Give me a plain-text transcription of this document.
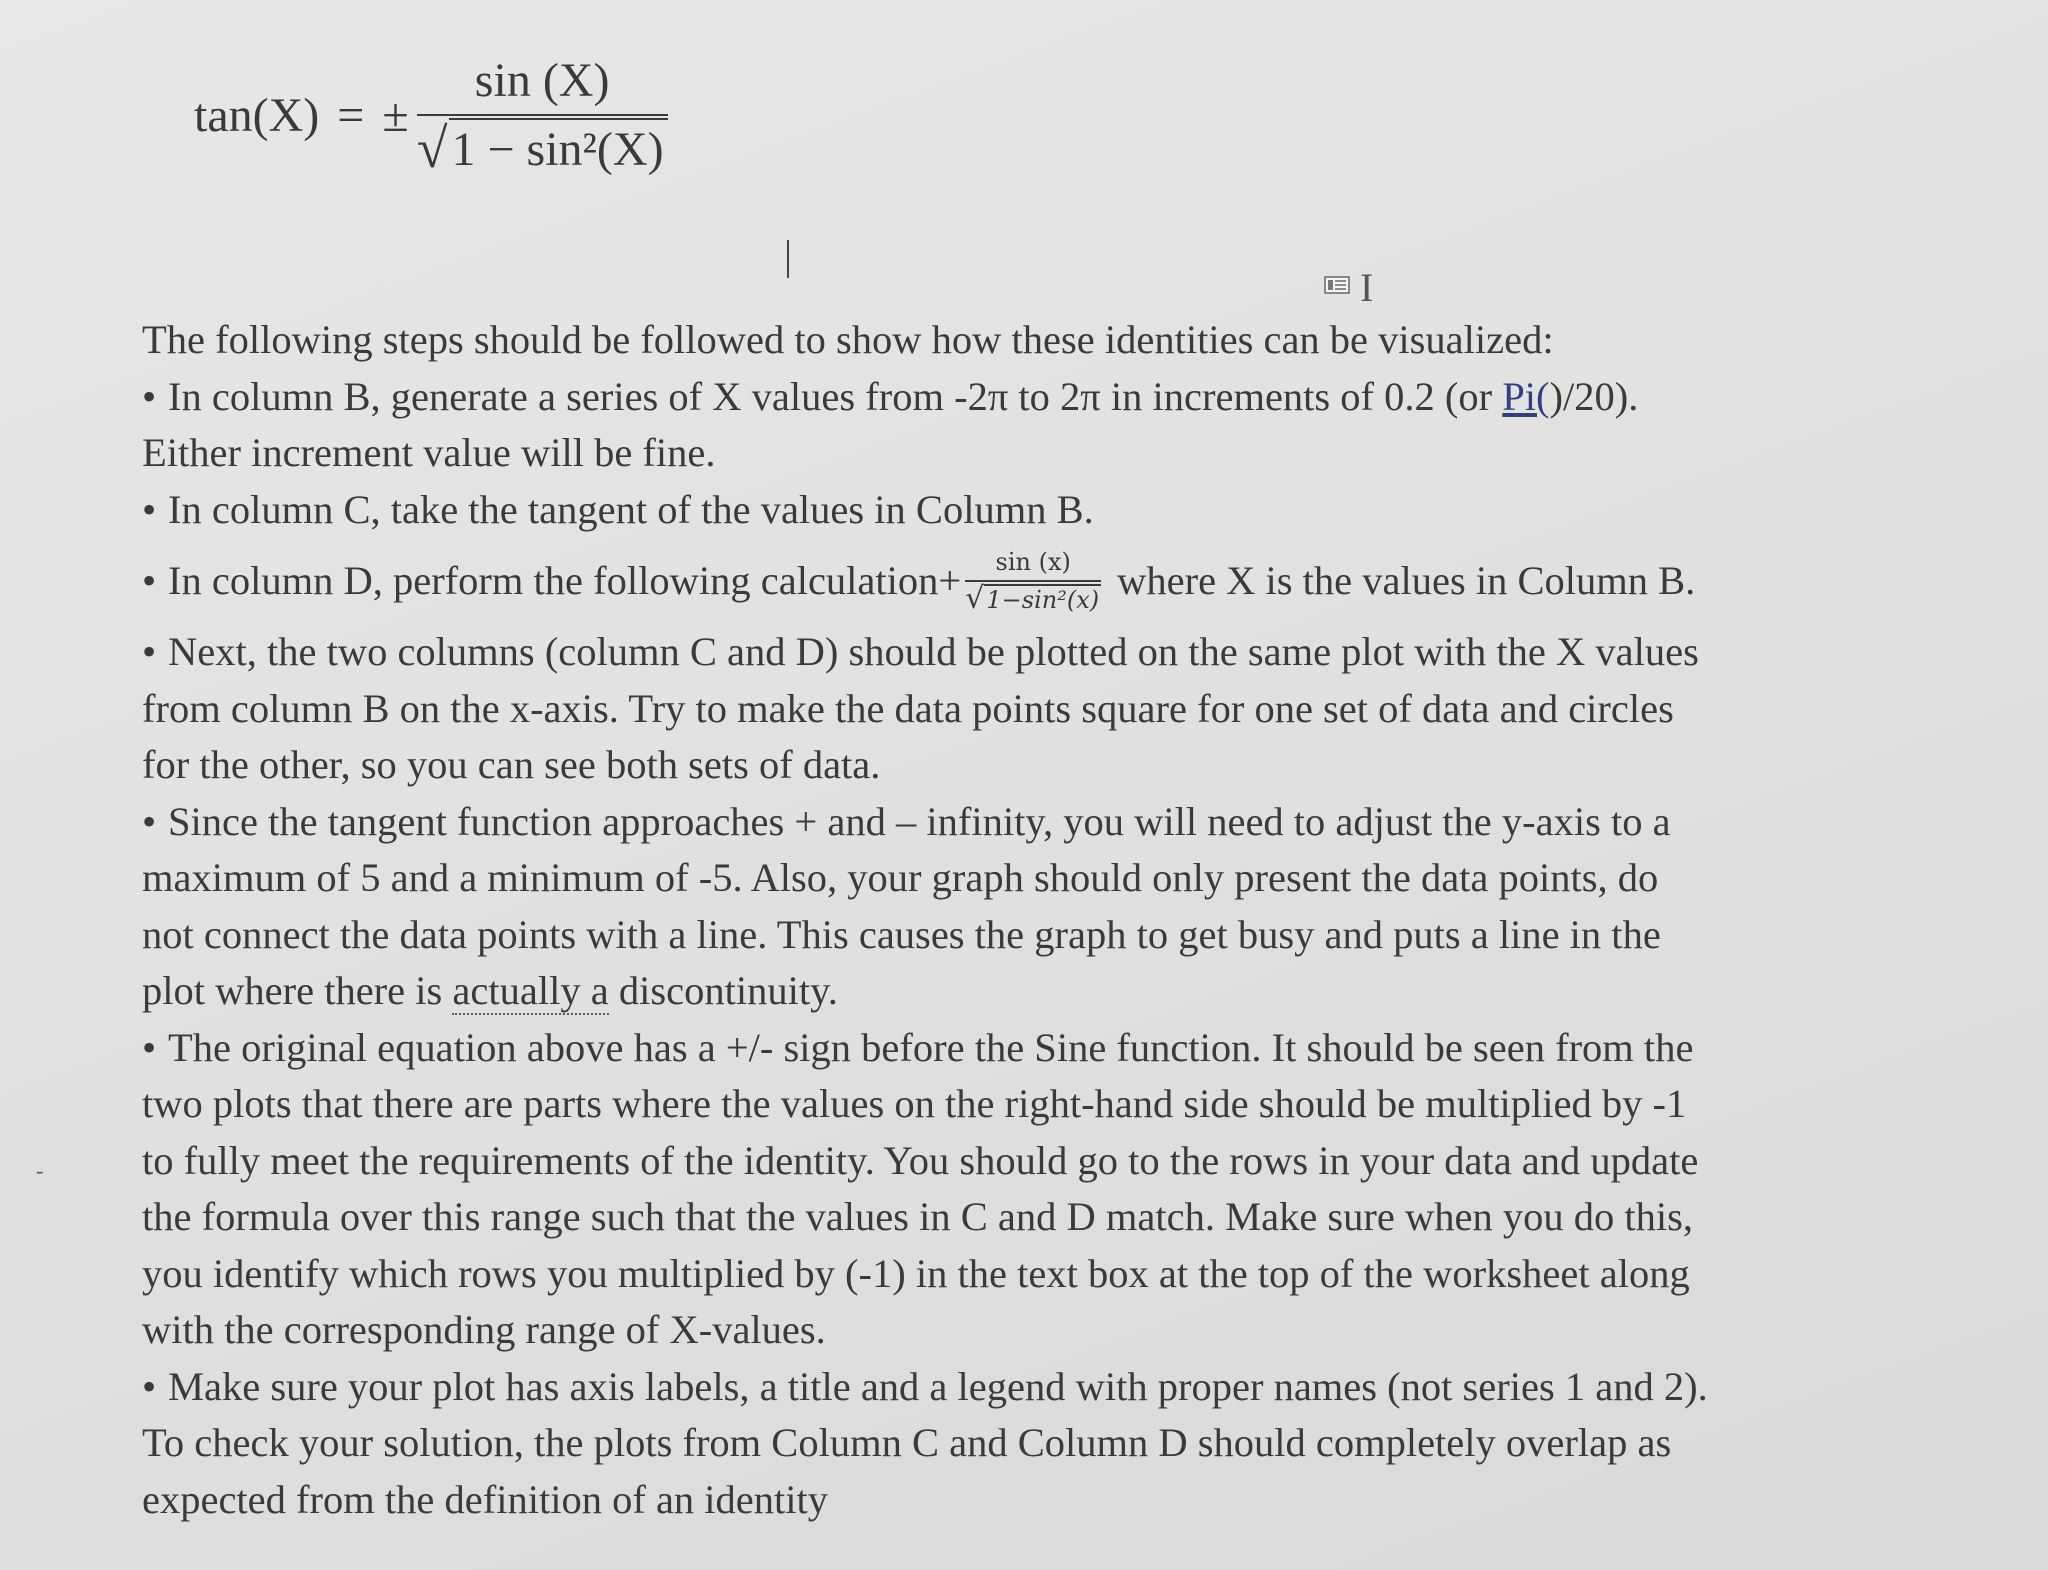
tan(X) = ± $\frac{\sin (X)}{\text{√ 1 − sin²(X)}}$
I
-
The following steps should be followed to show how these identities can be visualized:
• In column B, generate a series of X values from -2π to 2π in increments of 0.2 (or Pi()/20).
Either increment value will be fine.
• In column C, take the tangent of the values in Column B.
• In column D, perform the following calculation+	sin (x)
√ 1−sin²(x) where X is the values in Column B.
• Next, the two columns (column C and D) should be plotted on the same plot with the X values
from column B on the x-axis. Try to make the data points square for one set of data and circles
for the other, so you can see both sets of data.
• Since the tangent function approaches + and – infinity, you will need to adjust the y-axis to a
maximum of 5 and a minimum of -5. Also, your graph should only present the data points, do
not connect the data points with a line. This causes the graph to get busy and puts a line in the
plot where there is actually a discontinuity.
• The original equation above has a +/- sign before the Sine function. It should be seen from the
two plots that there are parts where the values on the right-hand side should be multiplied by -1
to fully meet the requirements of the identity. You should go to the rows in your data and update
the formula over this range such that the values in C and D match. Make sure when you do this,
you identify which rows you multiplied by (-1) in the text box at the top of the worksheet along
with the corresponding range of X-values.
• Make sure your plot has axis labels, a title and a legend with proper names (not series 1 and 2).
To check your solution, the plots from Column C and Column D should completely overlap as
expected from the definition of an identity
